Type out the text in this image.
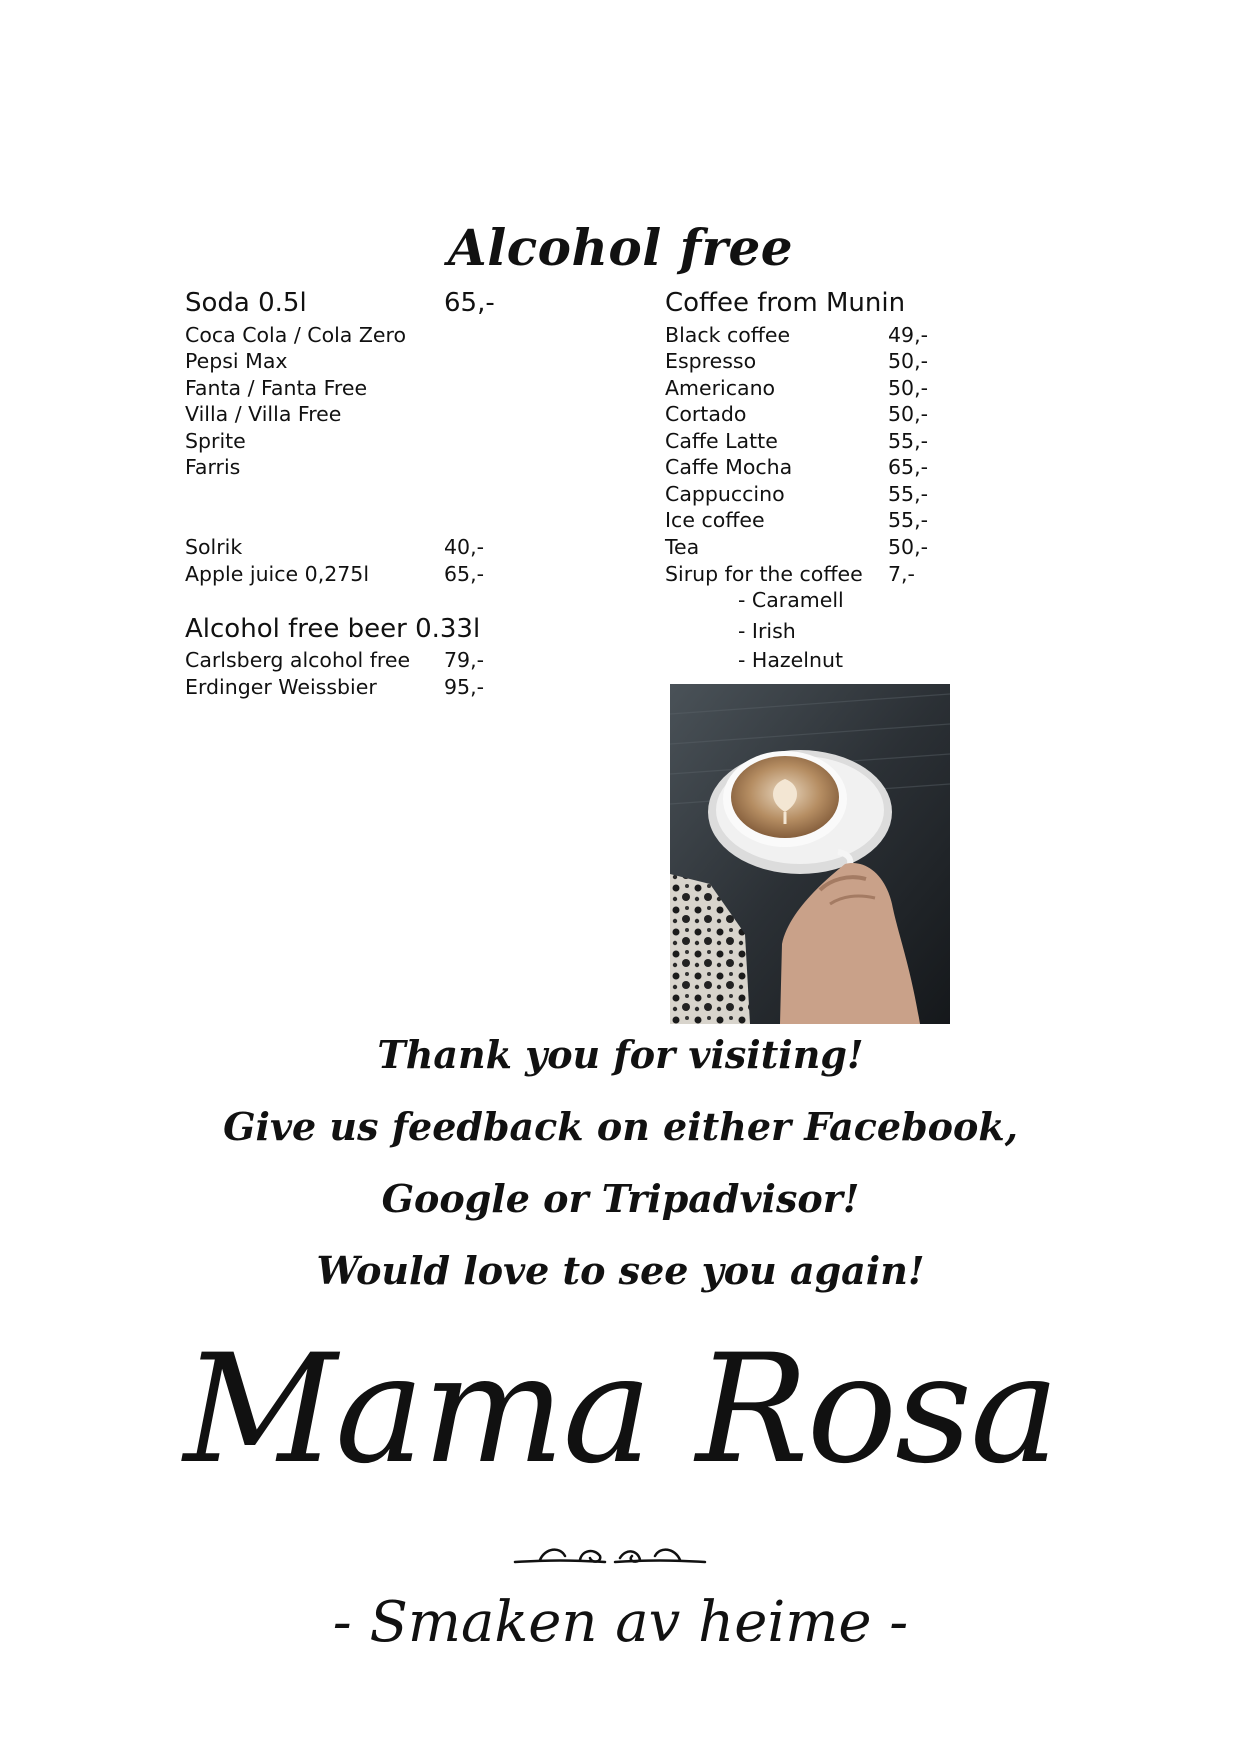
Alcohol free
Soda 0.5l	65,-
Coca Cola / Cola Zero
Pepsi Max
Fanta / Fanta Free
Villa / Villa Free
Sprite
Farris
Solrik	40,-
Apple juice 0,275l	65,-
Alcohol free beer 0.33l
Carlsberg alcohol free 79,-
Erdinger Weissbier	95,-
Coffee from Munin
Black coffee	49,-
Espresso	50,-
Americano	50,-
Cortado	50,-
Caffe Latte	55,-
Caffe Mocha	65,-
Cappuccino	55,-
Ice coffee	55,-
Tea	50,-
Sirup for the coffee 7,-
- Caramell
- Irish
- Hazelnut
Thank you for visiting!
Give us feedback on either Facebook,
Google or Tripadvisor!
Would love to see you again!
Mama Rosa
- Smaken av heime -
